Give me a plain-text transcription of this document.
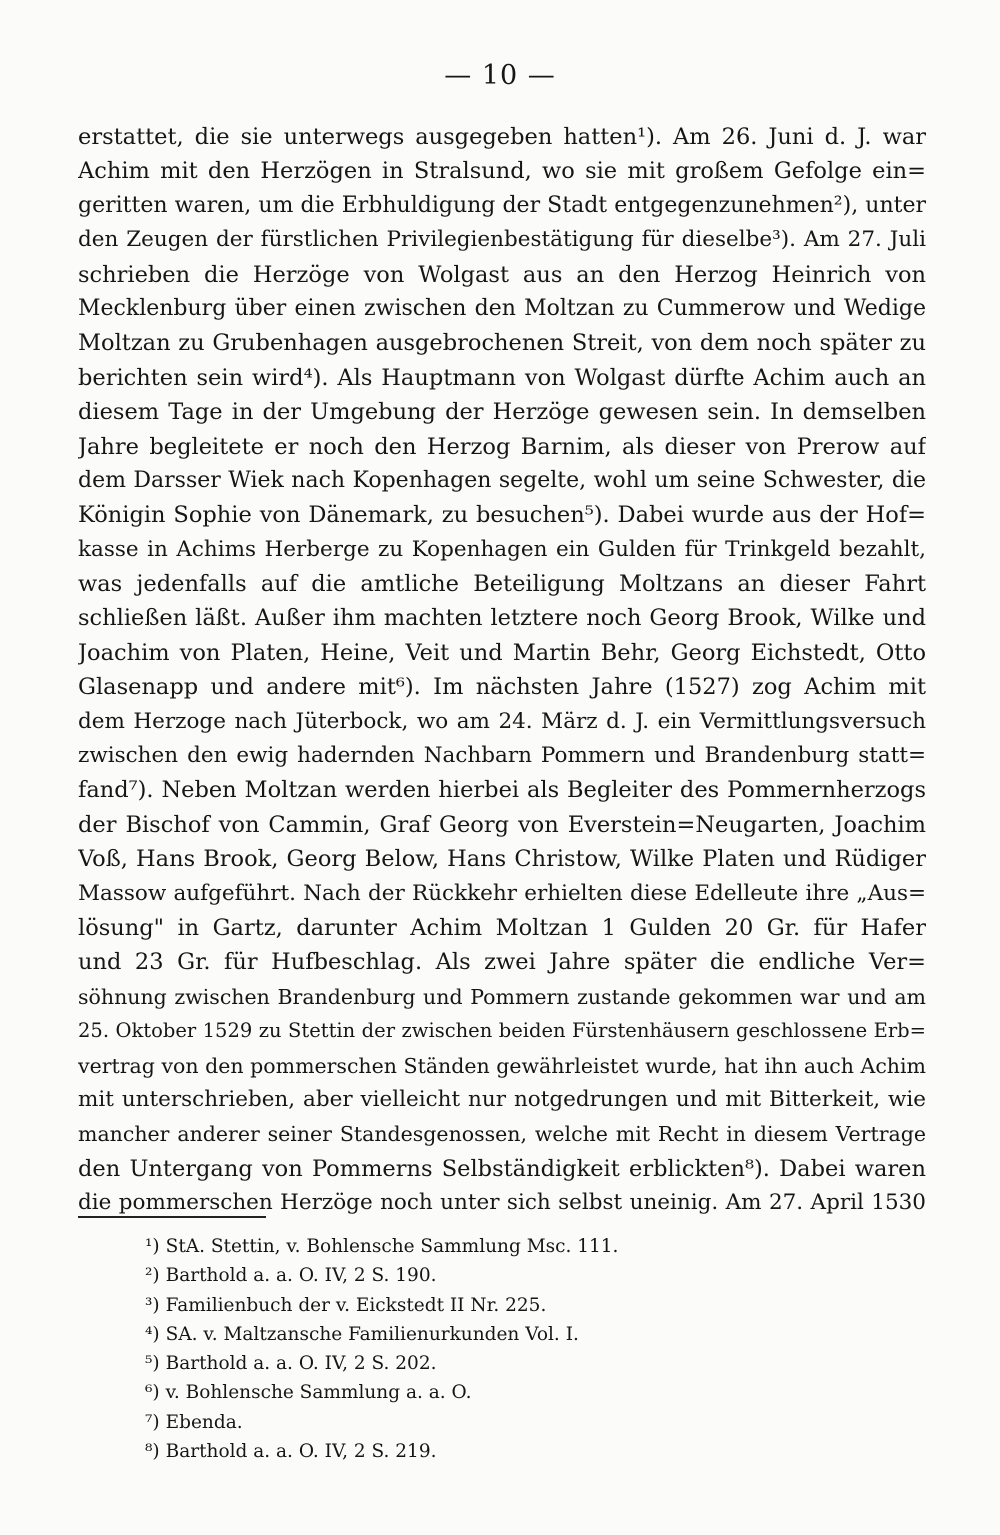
— 10 —
erstattet, die sie unterwegs ausgegeben hatten¹). Am 26. Juni d. J. war
Achim mit den Herzögen in Stralsund, wo sie mit großem Gefolge ein=
geritten waren, um die Erbhuldigung der Stadt entgegenzunehmen²), unter
den Zeugen der fürstlichen Privilegienbestätigung für dieselbe³). Am 27. Juli
schrieben die Herzöge von Wolgast aus an den Herzog Heinrich von
Mecklenburg über einen zwischen den Moltzan zu Cummerow und Wedige
Moltzan zu Grubenhagen ausgebrochenen Streit, von dem noch später zu
berichten sein wird⁴). Als Hauptmann von Wolgast dürfte Achim auch an
diesem Tage in der Umgebung der Herzöge gewesen sein. In demselben
Jahre begleitete er noch den Herzog Barnim, als dieser von Prerow auf
dem Darsser Wiek nach Kopenhagen segelte, wohl um seine Schwester, die
Königin Sophie von Dänemark, zu besuchen⁵). Dabei wurde aus der Hof=
kasse in Achims Herberge zu Kopenhagen ein Gulden für Trinkgeld bezahlt,
was jedenfalls auf die amtliche Beteiligung Moltzans an dieser Fahrt
schließen läßt. Außer ihm machten letztere noch Georg Brook, Wilke und
Joachim von Platen, Heine, Veit und Martin Behr, Georg Eichstedt, Otto
Glasenapp und andere mit⁶). Im nächsten Jahre (1527) zog Achim mit
dem Herzoge nach Jüterbock, wo am 24. März d. J. ein Vermittlungsversuch
zwischen den ewig hadernden Nachbarn Pommern und Brandenburg statt=
fand⁷). Neben Moltzan werden hierbei als Begleiter des Pommernherzogs
der Bischof von Cammin, Graf Georg von Everstein=Neugarten, Joachim
Voß, Hans Brook, Georg Below, Hans Christow, Wilke Platen und Rüdiger
Massow aufgeführt. Nach der Rückkehr erhielten diese Edelleute ihre „Aus=
lösung" in Gartz, darunter Achim Moltzan 1 Gulden 20 Gr. für Hafer
und 23 Gr. für Hufbeschlag. Als zwei Jahre später die endliche Ver=
söhnung zwischen Brandenburg und Pommern zustande gekommen war und am
25. Oktober 1529 zu Stettin der zwischen beiden Fürstenhäusern geschlossene Erb=
vertrag von den pommerschen Ständen gewährleistet wurde, hat ihn auch Achim
mit unterschrieben, aber vielleicht nur notgedrungen und mit Bitterkeit, wie
mancher anderer seiner Standesgenossen, welche mit Recht in diesem Vertrage
den Untergang von Pommerns Selbständigkeit erblickten⁸). Dabei waren
die pommerschen Herzöge noch unter sich selbst uneinig. Am 27. April 1530
¹) StA. Stettin, v. Bohlensche Sammlung Msc. 111.
²) Barthold a. a. O. IV, 2 S. 190.
³) Familienbuch der v. Eickstedt II Nr. 225.
⁴) SA. v. Maltzansche Familienurkunden Vol. I.
⁵) Barthold a. a. O. IV, 2 S. 202.
⁶) v. Bohlensche Sammlung a. a. O.
⁷) Ebenda.
⁸) Barthold a. a. O. IV, 2 S. 219.
